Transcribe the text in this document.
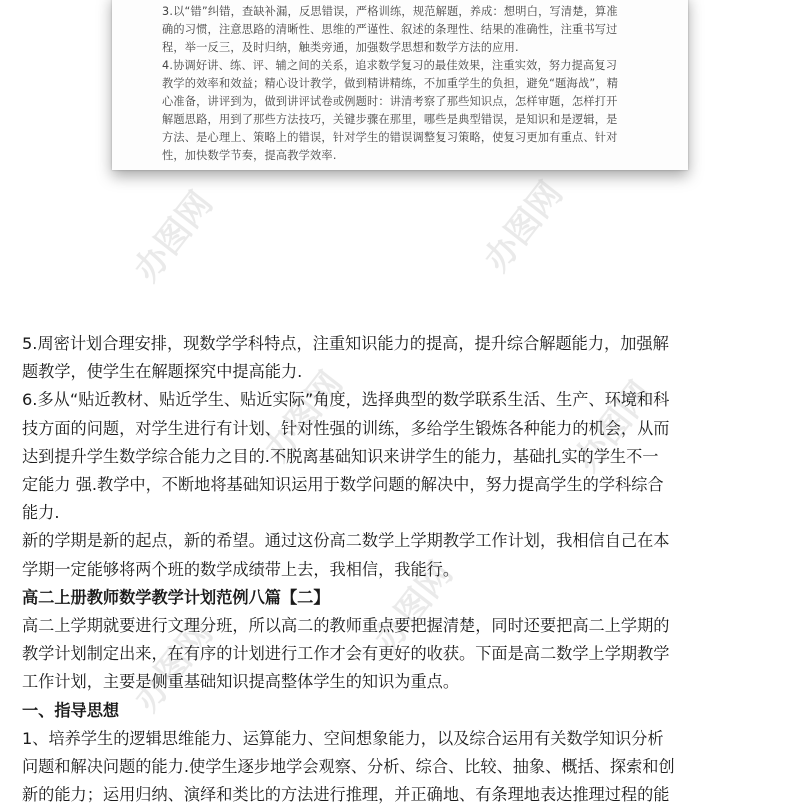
3.以“错”纠错，查缺补漏，反思错误，严格训练，规范解题，养成：想明白，写清楚，算准

确的习惯，注意思路的清晰性、思维的严谨性、叙述的条理性、结果的准确性，注重书写过

程，举一反三，及时归纳，触类旁通，加强数学思想和数学方法的应用.

4.协调好讲、练、评、辅之间的关系，追求数学复习的最佳效果，注重实效，努力提高复习

教学的效率和效益；精心设计教学，做到精讲精练，不加重学生的负担，避免“题海战”，精

心准备，讲评到为，做到讲评试卷或例题时：讲清考察了那些知识点，怎样审题，怎样打开

解题思路，用到了那些方法技巧，关键步骤在那里，哪些是典型错误，是知识和是逻辑，是

方法、是心理上、策略上的错误，针对学生的错误调整复习策略，使复习更加有重点、针对

性，加快数学节奏，提高教学效率.

办图网	办图网
办图网	办图网
办图网
办图网

5.周密计划合理安排，现数学学科特点，注重知识能力的提高，提升综合解题能力，加强解

题教学，使学生在解题探究中提高能力.

6.多从“贴近教材、贴近学生、贴近实际”角度，选择典型的数学联系生活、生产、环境和科

技方面的问题，对学生进行有计划、针对性强的训练，多给学生锻炼各种能力的机会，从而

达到提升学生数学综合能力之目的.不脱离基础知识来讲学生的能力，基础扎实的学生不一

定能力 强.教学中，不断地将基础知识运用于数学问题的解决中，努力提高学生的学科综合

能力.

新的学期是新的起点，新的希望。通过这份高二数学上学期教学工作计划，我相信自己在本

学期一定能够将两个班的数学成绩带上去，我相信，我能行。

高二上册教师数学教学计划范例八篇【二】

高二上学期就要进行文理分班，所以高二的教师重点要把握清楚，同时还要把高二上学期的

教学计划制定出来，在有序的计划进行工作才会有更好的收获。下面是高二数学上学期教学

工作计划，主要是侧重基础知识提高整体学生的知识为重点。

一、指导思想

1、培养学生的逻辑思维能力、运算能力、空间想象能力，以及综合运用有关数学知识分析

问题和解决问题的能力.使学生逐步地学会观察、分析、综合、比较、抽象、概括、探索和创

新的能力；运用归纳、演绎和类比的方法进行推理，并正确地、有条理地表达推理过程的能
